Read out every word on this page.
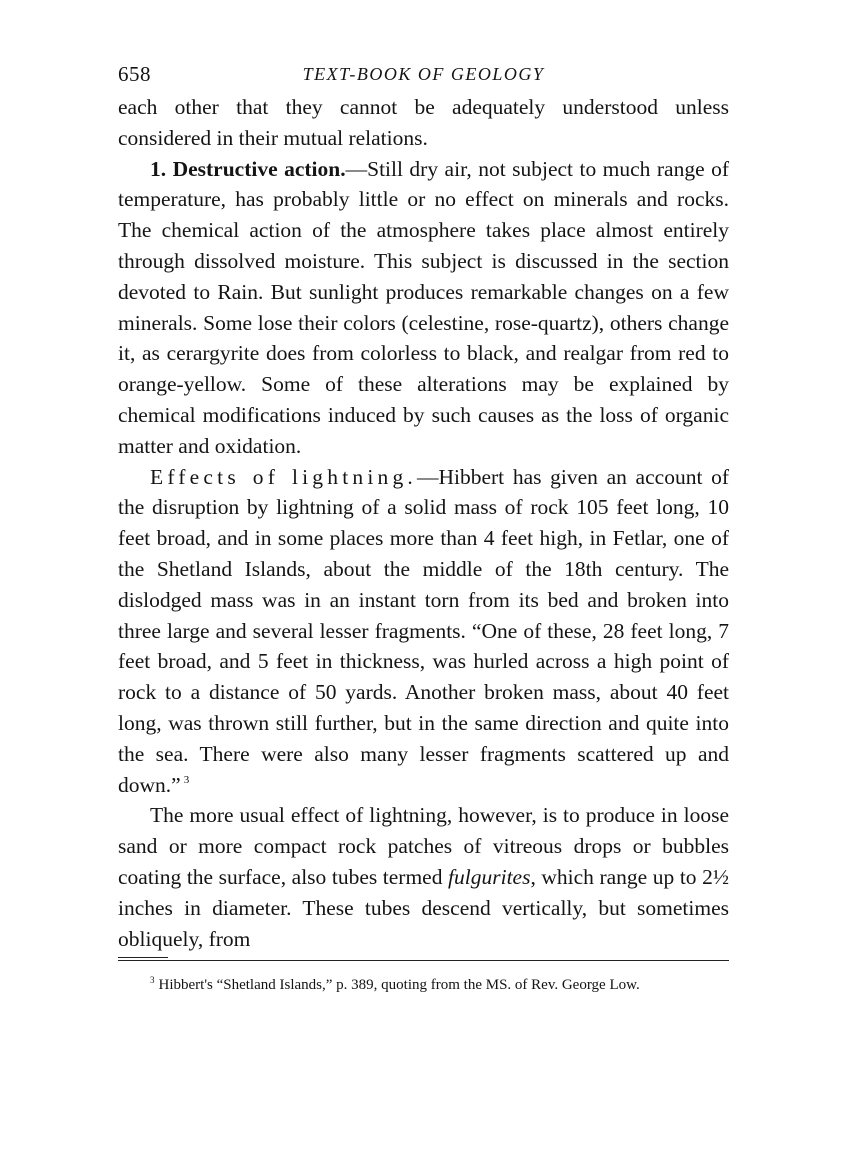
658	TEXT-BOOK OF GEOLOGY

each other that they cannot be adequately understood unless considered in their mutual relations.

1. Destructive action.—Still dry air, not subject to much range of temperature, has probably little or no effect on minerals and rocks. The chemical action of the atmosphere takes place almost entirely through dissolved moisture. This subject is discussed in the section devoted to Rain. But sunlight produces remarkable changes on a few minerals. Some lose their colors (celestine, rose-quartz), others change it, as cerargyrite does from colorless to black, and realgar from red to orange-yellow. Some of these alterations may be explained by chemical modifications induced by such causes as the loss of organic matter and oxidation.

Effects of lightning.—Hibbert has given an account of the disruption by lightning of a solid mass of rock 105 feet long, 10 feet broad, and in some places more than 4 feet high, in Fetlar, one of the Shetland Islands, about the middle of the 18th century. The dislodged mass was in an instant torn from its bed and broken into three large and several lesser fragments. “One of these, 28 feet long, 7 feet broad, and 5 feet in thickness, was hurled across a high point of rock to a distance of 50 yards. Another broken mass, about 40 feet long, was thrown still further, but in the same direction and quite into the sea. There were also many lesser fragments scattered up and down.” $^3$

The more usual effect of lightning, however, is to produce in loose sand or more compact rock patches of vitreous drops or bubbles coating the surface, also tubes termed fulgurites, which range up to 2½ inches in diameter. These tubes descend vertically, but sometimes obliquely, from

$^3$ Hibbert's “Shetland Islands,” p. 389, quoting from the MS. of Rev. George Low.
